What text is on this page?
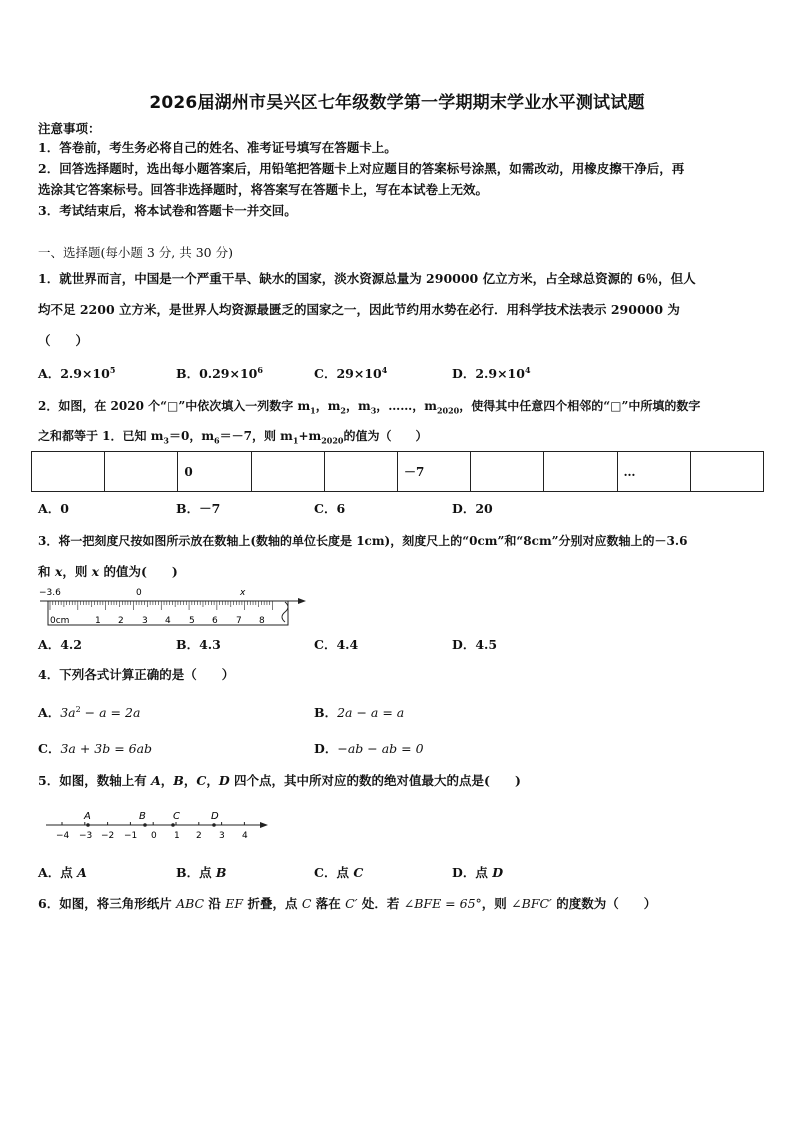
2026届湖州市吴兴区七年级数学第一学期期末学业水平测试试题
注意事项：
1．答卷前，考生务必将自己的姓名、准考证号填写在答题卡上。
2．回答选择题时，选出每小题答案后，用铅笔把答题卡上对应题目的答案标号涂黑，如需改动，用橡皮擦干净后，再
选涂其它答案标号。回答非选择题时，将答案写在答题卡上，写在本试卷上无效。
3．考试结束后，将本试卷和答题卡一并交回。
一、选择题(每小题 3 分, 共 30 分)
1．就世界而言，中国是一个严重干旱、缺水的国家，淡水资源总量为 290000 亿立方米，占全球总资源的 6％，但人
均不足 2200 立方米，是世界人均资源最匮乏的国家之一，因此节约用水势在必行．用科学技术法表示 290000 为
（　　）
A．$2.9\times 10^5$	B．$0.29\times 10^6$	C．$29\times 10^4$	D．$2.9\times 10^4$
2．如图，在 2020 个“□”中依次填入一列数字 $m_1$，$m_2$，$m_3$，……，$m_{2020}$，使得其中任意四个相邻的“□”中所填的数字
之和都等于 1．已知 $m_3=0$，$m_6=-7$，则 $m_1+m_{2020}$的值为（　　）
		0			－7			…	
A．0	B．－7	C．6	D．20
3．将一把刻度尺按如图所示放在数轴上(数轴的单位长度是 1cm)，刻度尺上的“0cm”和“8cm”分别对应数轴上的－3.6
和 x，则 x 的值为(　　)
−3.6	0	x
0cm	1 2 3 4 5 6 7 8
A．4.2	B．4.3	C．4.4	D．4.5
4．下列各式计算正确的是（　　）
A．$3a^2 - a = 2a$	B．2a − a = a
C．3a + 3b = 6ab	D．−ab − ab = 0
5．如图，数轴上有 A，B，C，D 四个点，其中所对应的数的绝对值最大的点是(　　)
A	B	C	D
−4 −3 −2 −1 0 1 2 3 4
A．点 A	B．点 B	C．点 C	D．点 D
6．如图，将三角形纸片 ABC 沿 EF 折叠，点 C 落在 C′ 处．若 ∠BFE = 65°，则 ∠BFC′ 的度数为（　　）
